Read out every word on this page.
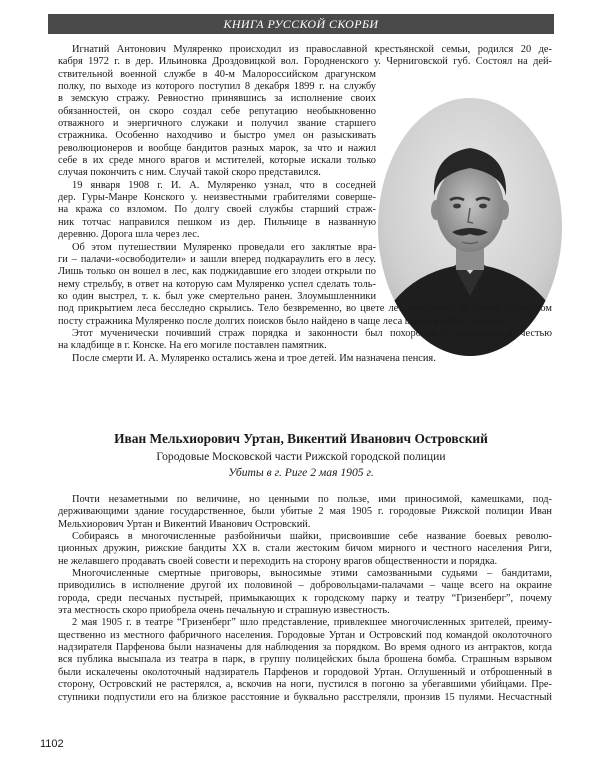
КНИГА РУССКОЙ СКОРБИ
Игнатий Антонович Муляренко происходил из православной крестьянской семьи, родился 20 де-
кабря 1972 г. в дер. Ильиновка Дроздовицкой вол. Городненского у. Черниговской губ. Состоял на дей-
ствительной военной службе в 40-м Малороссийском драгунском
полку, по выходе из которого поступил 8 декабря 1899 г. на службу
в земскую стражу. Ревностно принявшись за исполнение своих
обязанностей, он скоро создал себе репутацию необыкновенно
отважного и энергичного служаки и получил звание старшего
стражника. Особенно находчиво и быстро умел он разыскивать
революционеров и вообще бандитов разных марок, за что и нажил
себе в их среде много врагов и мстителей, которые искали только
случая покончить с ним. Случай такой скоро представился.
19 января 1908 г. И. А. Муляренко узнал, что в соседней
дер. Гуры-Манре Конского у. неизвестными грабителями соверше-
на кража со взломом. По долгу своей службы старший страж-
ник тотчас направился пешком из дер. Пильчице в названную
деревню. Дорога шла через лес.
Об этом путешествии Муляренко проведали его заклятые вра-
ги – палачи-«освободители» и зашли вперед подкараулить его в лесу.
Лишь только он вошел в лес, как поджидавшие его злодеи открыли по
нему стрельбу, в ответ на которую сам Муляренко успел сделать толь-
ко один выстрел, т. к. был уже смертельно ранен. Злоумышленники
под прикрытием леса бесследно скрылись. Тело безвременно, во цвете лет погибшего на своем служебном
посту стражника Муляренко после долгих поисков было найдено в чаще леса шагах в 100 от дороги.
Этот мученически почивший страж порядка и законности был похоронен с подобающей честью
на кладбище в г. Конске. На его могиле поставлен памятник.
После смерти И. А. Муляренко остались жена и трое детей. Им назначена пенсия.
Иван Мельхиорович Уртан, Викентий Иванович Островский
Городовые Московской части Рижской городской полиции
Убиты в г. Риге 2 мая 1905 г.
Почти незаметными по величине, но ценными по пользе, ими приносимой, камешками, под-
держивающими здание государственное, были убитые 2 мая 1905 г. городовые Рижской полиции Иван
Мельхиорович Уртан и Викентий Иванович Островский.
Собираясь в многочисленные разбойничьи шайки, присвоившие себе название боевых револю-
ционных дружин, рижские бандиты XX в. стали жестоким бичом мирного и честного населения Риги,
не желавшего продавать своей совести и переходить на сторону врагов общественности и порядка.
Многочисленные смертные приговоры, выносимые этими самозванными судьями – бандитами,
приводились в исполнение другой их половиной – добровольцами-палачами – чаще всего на окраине
города, среди песчаных пустырей, примыкающих к городскому парку и театру “Гризенберг”, почему
эта местность скоро приобрела очень печальную и страшную известность.
2 мая 1905 г. в театре “Гризенберг” шло представление, привлекшее многочисленных зрителей, преиму-
щественно из местного фабричного населения. Городовые Уртан и Островский под командой околоточного
надзирателя Парфенова были назначены для наблюдения за порядком. Во время одного из антрактов, когда
вся публика высыпала из театра в парк, в группу полицейских была брошена бомба. Страшным взрывом
были искалечены околоточный надзиратель Парфенов и городовой Уртан. Оглушенный и отброшенный в
сторону, Островский не растерялся, а, вскочив на ноги, пустился в погоню за убегавшими убийцами. Пре-
ступники подпустили его на близкое расстояние и буквально расстреляли, пронзив 15 пулями. Несчастный
1102
